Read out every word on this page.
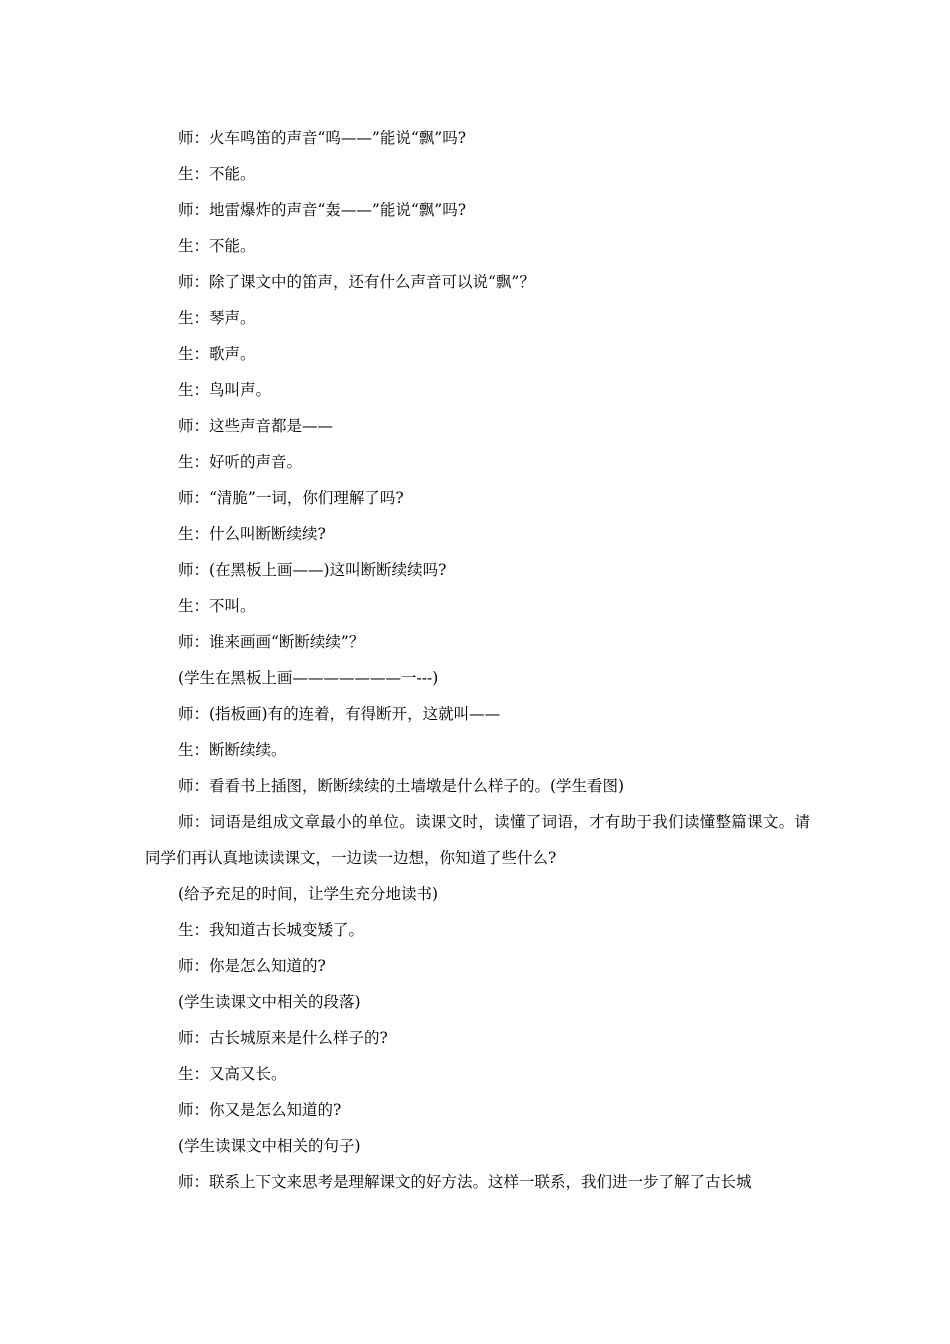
师：火车鸣笛的声音“呜——”能说“飘”吗?

生：不能。

师：地雷爆炸的声音“轰——”能说“飘”吗?

生：不能。

师：除了课文中的笛声，还有什么声音可以说“飘”？

生：琴声。

生：歌声。

生：鸟叫声。

师：这些声音都是——

生：好听的声音。

师：“清脆”一词，你们理解了吗?

生：什么叫断断续续?

师：(在黑板上画——)这叫断断续续吗?

生：不叫。

师：谁来画画“断断续续”？

(学生在黑板上画———————一---)

师：(指板画)有的连着，有得断开，这就叫——

生：断断续续。

师：看看书上插图，断断续续的土墙墩是什么样子的。(学生看图)

师：词语是组成文章最小的单位。读课文时，读懂了词语，才有助于我们读懂整篇课文。请同学们再认真地读读课文，一边读一边想，你知道了些什么?

(给予充足的时间，让学生充分地读书)

生：我知道古长城变矮了。

师：你是怎么知道的?

(学生读课文中相关的段落)

师：古长城原来是什么样子的?

生：又高又长。

师：你又是怎么知道的?

(学生读课文中相关的句子)

师：联系上下文来思考是理解课文的好方法。这样一联系，我们进一步了解了古长城
